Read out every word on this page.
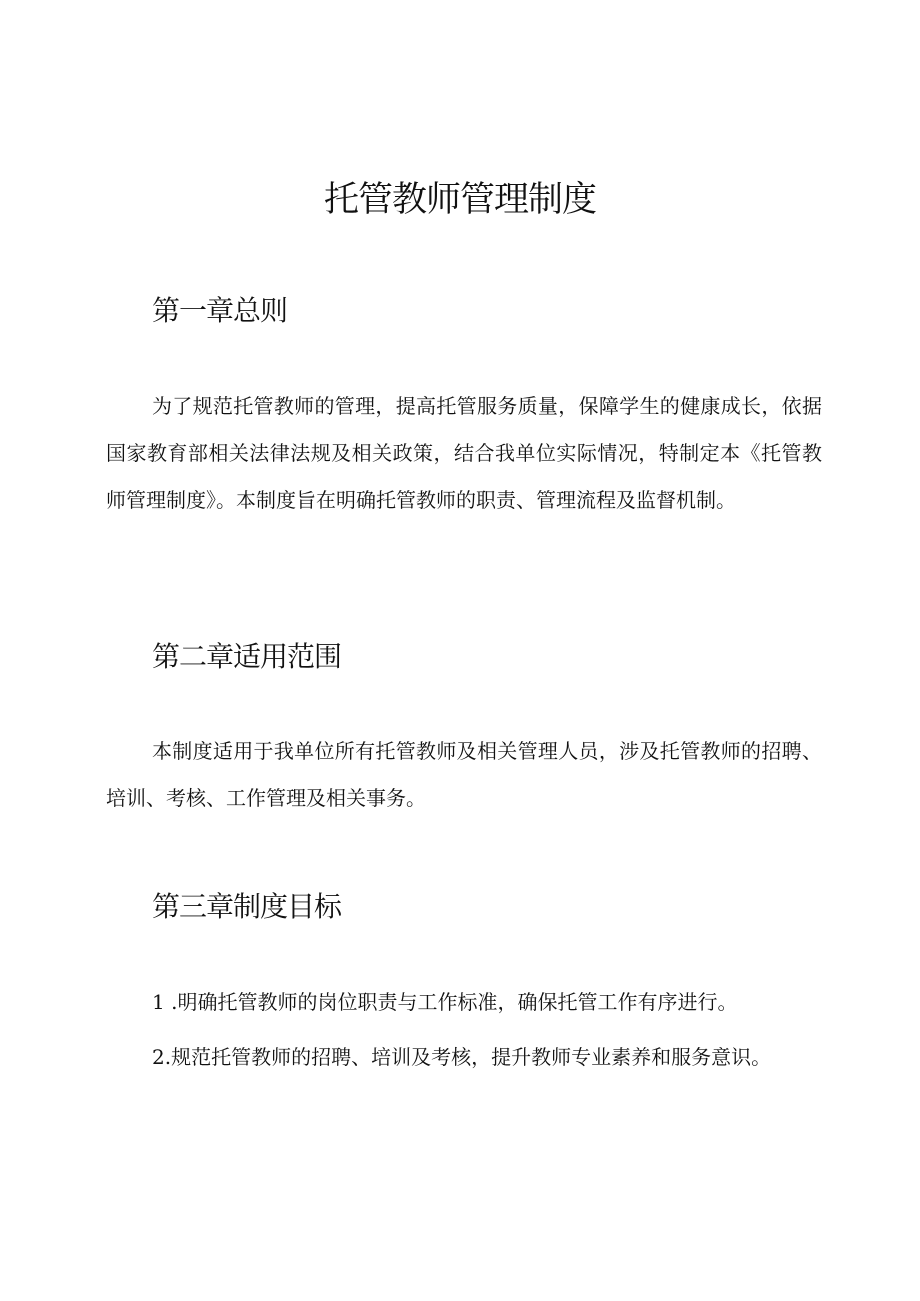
托管教师管理制度
第一章总则

为了规范托管教师的管理，提高托管服务质量，保障学生的健康成长，依据国家教育部相关法律法规及相关政策，结合我单位实际情况，特制定本《托管教师管理制度》。本制度旨在明确托管教师的职责、管理流程及监督机制。

第二章适用范围

本制度适用于我单位所有托管教师及相关管理人员，涉及托管教师的招聘、培训、考核、工作管理及相关事务。

第三章制度目标

1 .明确托管教师的岗位职责与工作标准，确保托管工作有序进行。

2.规范托管教师的招聘、培训及考核，提升教师专业素养和服务意识。
